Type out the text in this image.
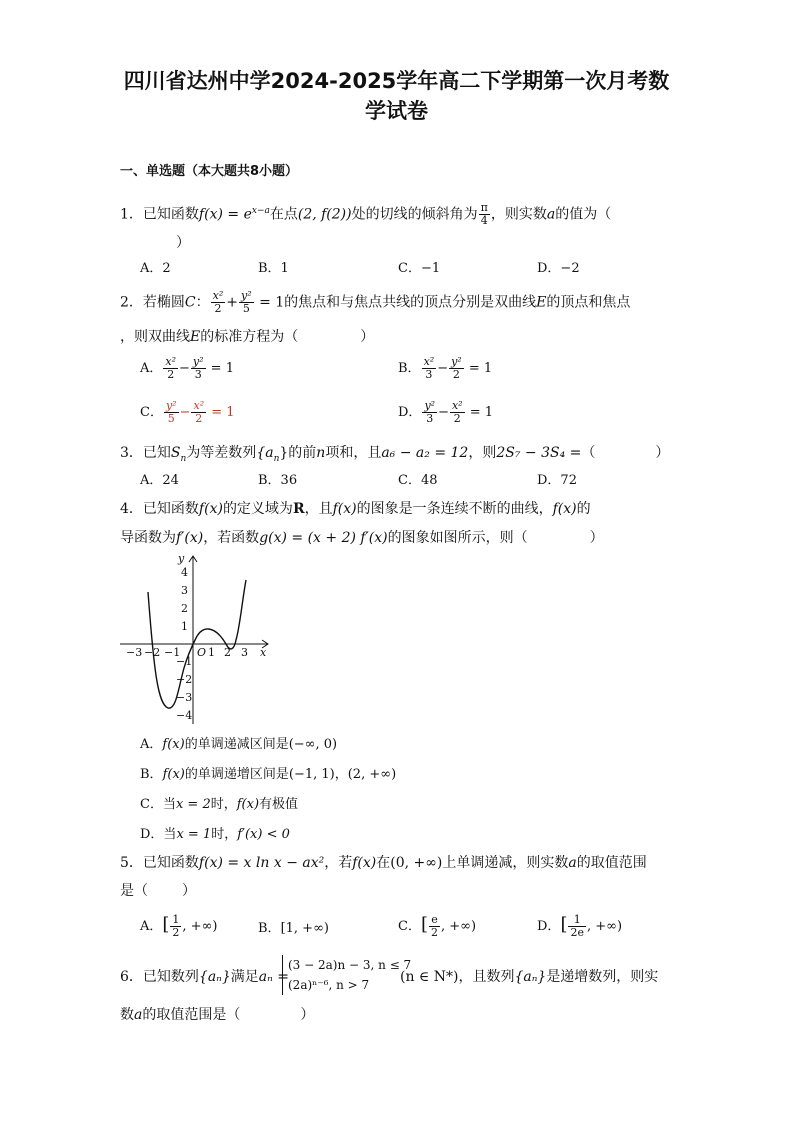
四川省达州中学2024-2025学年高二下学期第一次月考数
学试卷
一、单选题（本大题共8小题）
1．已知函数$f(x) = e^{x-a}$在点(2, f(2))处的切线的倾斜角为 $\frac{\pi}{4}$ ，则实数a的值为（
）
A．2	B．1	C．−1	D．−2
2．若椭圆C： $\frac{\text{x²}}{2} + \frac{\text{y²}}{5} = 1$的焦点和与焦点共线的顶点分别是双曲线E的顶点和焦点
，则双曲线E的标准方程为（	）
A． $\frac{\text{x²}}{2} - \frac{\text{y²}}{3} = 1$	B． $\frac{\text{x²}}{3} - \frac{\text{y²}}{2} = 1$
C． $\frac{\text{y²}}{5} - \frac{\text{x²}}{2} = 1$	D． $\frac{\text{y²}}{3} - \frac{\text{x²}}{2} = 1$
3．已知$S_n$为等差数列$\{a_n\}$的前n项和，且a₆ − a₂ = 12，则2S₇ − 3S₄ =（	）
A．24	B．36	C．48	D．72
4．已知函数f(x)的定义域为R，且f(x)的图象是一条连续不断的曲线，f(x)的
导函数为f′(x)，若函数g(x) = (x + 2) f′(x)的图象如图所示，则（	）
y
x
O
−3 −2 −1	1 2 3
4
3
2
1
−1
−2
−3
−4
A．f(x)的单调递减区间是(−∞, 0)
B．f(x)的单调递增区间是(−1, 1)，(2, +∞)
C．当x = 2时，f(x)有极值
D．当x = 1时，f′(x) < 0
5．已知函数f(x) = x ln x − ax²，若f(x)在(0, +∞)上单调递减，则实数a的取值范围
是（ ）
A．[ $\frac{1}{2}$ , +∞)	B．[1, +∞)	C．[ $\frac{e}{2}$ , +∞)	D．[ $\frac{1}{2e}$ , +∞)
6．已知数列{aₙ}满足aₙ =
(3 − 2a)n − 3, n ≤ 7
(2a)ⁿ⁻⁶, n > 7	(n ∈ N*)，且数列{aₙ}是递增数列，则实
数a的取值范围是（	）
